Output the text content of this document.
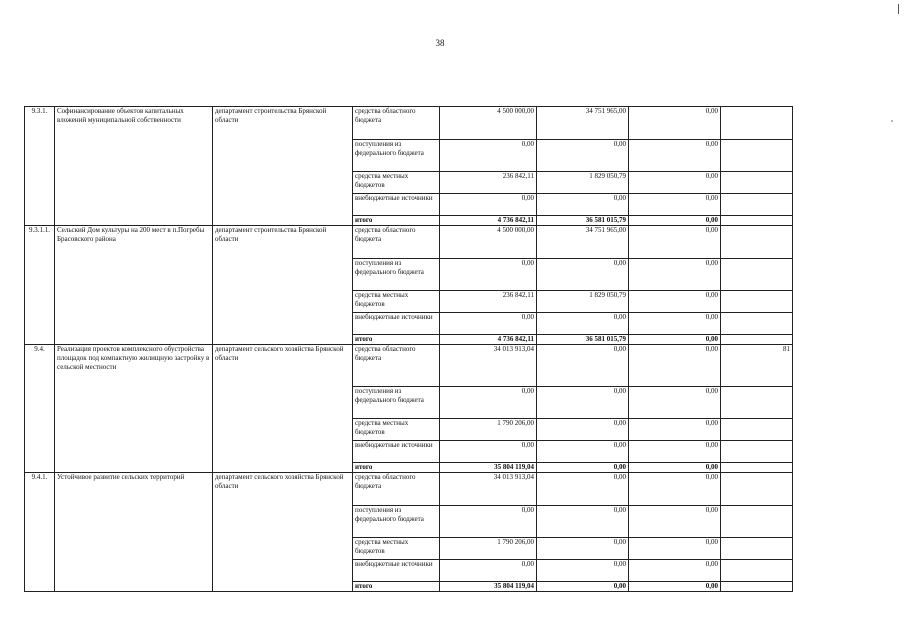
38
9.3.1.	Софинансирование объектов капитальных вложений муниципальной собственности	департамент строительства Брянской области	средства областного бюджета	4 500 000,00	34 751 965,00	0,00	
			поступления из федерального бюджета	0,00	0,00	0,00	
			средства местных бюджетов	236 842,11	1 829 050,79	0,00	
			внебюджетные источники	0,00	0,00	0,00	
			итого	4 736 842,11	36 581 015,79	0,00	
9.3.1.1.	Сельский Дом культуры на 200 мест в п.Погребы Брасовского района	департамент строительства Брянской области	средства областного бюджета	4 500 000,00	34 751 965,00	0,00	
			поступления из федерального бюджета	0,00	0,00	0,00	
			средства местных бюджетов	236 842,11	1 829 050,79	0,00	
			внебюджетные источники	0,00	0,00	0,00	
			итого	4 736 842,11	36 581 015,79	0,00	
9.4.	Реализация проектов комплексного обустройства площадок под компактную жилищную застройку в сельской местности	департамент сельского хозяйства Брянской области	средства областного бюджета	34 013 913,04	0,00	0,00	81
			поступления из федерального бюджета	0,00	0,00	0,00	
			средства местных бюджетов	1 790 206,00	0,00	0,00	
			внебюджетные источники	0,00	0,00	0,00	
			итого	35 804 119,04	0,00	0,00	
9.4.1.	Устойчивое развитие сельских территорий	департамент сельского хозяйства Брянской области	средства областного бюджета	34 013 913,04	0,00	0,00	
			поступления из федерального бюджета	0,00	0,00	0,00	
			средства местных бюджетов	1 790 206,00	0,00	0,00	
			внебюджетные источники	0,00	0,00	0,00	
			итого	35 804 119,04	0,00	0,00	
